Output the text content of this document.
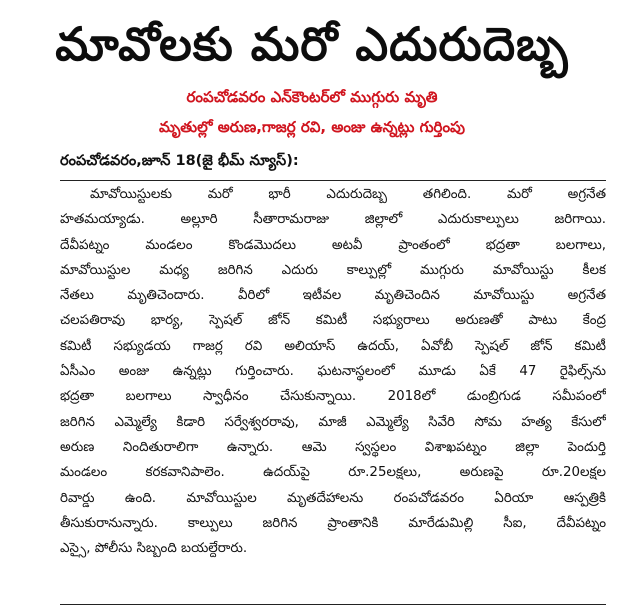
మావోలకు మరో ఎదురుదెబ్బ
రంపచోడవరం ఎన్‌కౌంటర్‌లో ముగ్గురు మృతి
మృతుల్లో అరుణ,గాజర్ల రవి, అంజు ఉన్నట్లు గుర్తింపు
రంపచోడవరం,జూన్ 18(జై భీమ్ న్యూస్):
మావోయిస్టులకు మరో భారీ ఎదురుదెబ్బ తగిలింది. మరో అగ్రనేత
హతమయ్యాడు. అల్లూరి సీతారామరాజు జిల్లాలో ఎదురుకాల్పులు జరిగాయి.
దేవీపట్నం మండలం కొండమొదలు అటవీ ప్రాంతంలో భద్రతా బలగాలు,
మావోయిస్టుల మధ్య జరిగిన ఎదురు కాల్పుల్లో ముగ్గురు మావోయిస్టు కీలక
నేతలు మృతిచెందారు. వీరిలో ఇటీవల మృతిచెందిన మావోయిస్టు అగ్రనేత
చలపతిరావు భార్య, స్పెషల్ జోన్ కమిటీ సభ్యురాలు అరుణతో పాటు కేంద్ర
కమిటీ సభ్యుడయ గాజర్ల రవి అలియాస్ ఉదయ్, ఏవోబీ స్పెషల్ జోన్ కమిటీ
ఏసీఎం అంజు ఉన్నట్లు గుర్తించారు. ఘటనాస్థలంలో మూడు ఏకే 47 రైఫిల్స్‌ను
భద్రతా బలగాలు స్వాధీనం చేసుకున్నాయి. 2018లో డుంబ్రిగుడ సమీపంలో
జరిగిన ఎమ్మెల్యే కిడారి సర్వేశ్వరరావు, మాజీ ఎమ్మెల్యే సివేరి సోమ హత్య కేసులో
అరుణ నిందితురాలిగా ఉన్నారు. ఆమె స్వస్థలం విశాఖపట్నం జిల్లా పెందుర్తి
మండలం కరకవానిపాలెం. ఉదయ్‌పై రూ.25లక్షలు, అరుణపై రూ.20లక్షల
రివార్డు ఉంది. మావోయిస్టుల మృతదేహాలను రంపచోడవరం ఏరియా ఆస్పత్రికి
తీసుకురానున్నారు. కాల్పులు జరిగిన ప్రాంతానికి మారేడుమిల్లి సీఐ, దేవీపట్నం
ఎస్సై, పోలీసు సిబ్బంది బయల్దేరారు.
